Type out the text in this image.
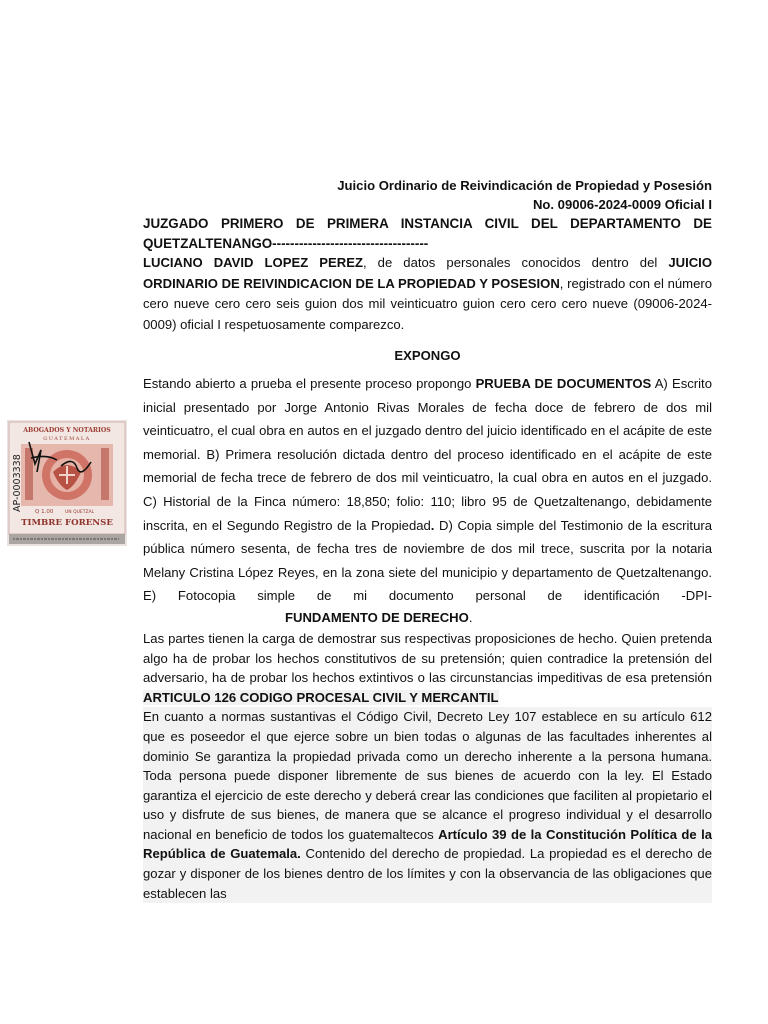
Juicio Ordinario de Reivindicación de Propiedad y Posesión
No. 09006-2024-0009 Oficial I

JUZGADO PRIMERO DE PRIMERA INSTANCIA CIVIL DEL DEPARTAMENTO DE QUETZALTENANGO-----------------------------------

LUCIANO DAVID LOPEZ PEREZ, de datos personales conocidos dentro del JUICIO ORDINARIO DE REIVINDICACION DE LA PROPIEDAD Y POSESION, registrado con el número cero nueve cero cero seis guion dos mil veinticuatro guion cero cero cero nueve (09006-2024-0009) oficial I respetuosamente comparezco.

EXPONGO

Estando abierto a prueba el presente proceso propongo PRUEBA DE DOCUMENTOS A) Escrito inicial presentado por Jorge Antonio Rivas Morales de fecha doce de febrero de dos mil veinticuatro, el cual obra en autos en el juzgado dentro del juicio identificado en el acápite de este memorial. B) Primera resolución dictada dentro del proceso identificado en el acápite de este memorial de fecha trece de febrero de dos mil veinticuatro, la cual obra en autos en el juzgado. C) Historial de la Finca número: 18,850; folio: 110; libro 95 de Quetzaltenango, debidamente inscrita, en el Segundo Registro de la Propiedad. D) Copia simple del Testimonio de la escritura pública número sesenta, de fecha tres de noviembre de dos mil trece, suscrita por la notaria Melany Cristina López Reyes, en la zona siete del municipio y departamento de Quetzaltenango. E) Fotocopia simple de mi documento personal de identificación -DPI-

FUNDAMENTO DE DERECHO.

Las partes tienen la carga de demostrar sus respectivas proposiciones de hecho. Quien pretenda algo ha de probar los hechos constitutivos de su pretensión; quien contradice la pretensión del adversario, ha de probar los hechos extintivos o las circunstancias impeditivas de esa pretensión ARTICULO 126 CODIGO PROCESAL CIVIL Y MERCANTIL

En cuanto a normas sustantivas el Código Civil, Decreto Ley 107 establece en su artículo 612 que es poseedor el que ejerce sobre un bien todas o algunas de las facultades inherentes al dominio Se garantiza la propiedad privada como un derecho inherente a la persona humana. Toda persona puede disponer libremente de sus bienes de acuerdo con la ley. El Estado garantiza el ejercicio de este derecho y deberá crear las condiciones que faciliten al propietario el uso y disfrute de sus bienes, de manera que se alcance el progreso individual y el desarrollo nacional en beneficio de todos los guatemaltecos Artículo 39 de la Constitución Política de la República de Guatemala. Contenido del derecho de propiedad. La propiedad es el derecho de gozar y disponer de los bienes dentro de los límites y con la observancia de las obligaciones que establecen las

ABOGADOS Y NOTARIOS
GUATEMALA
AP-0003338 Q 1.00	UN QUETZAL
TIMBRE FORENSE
